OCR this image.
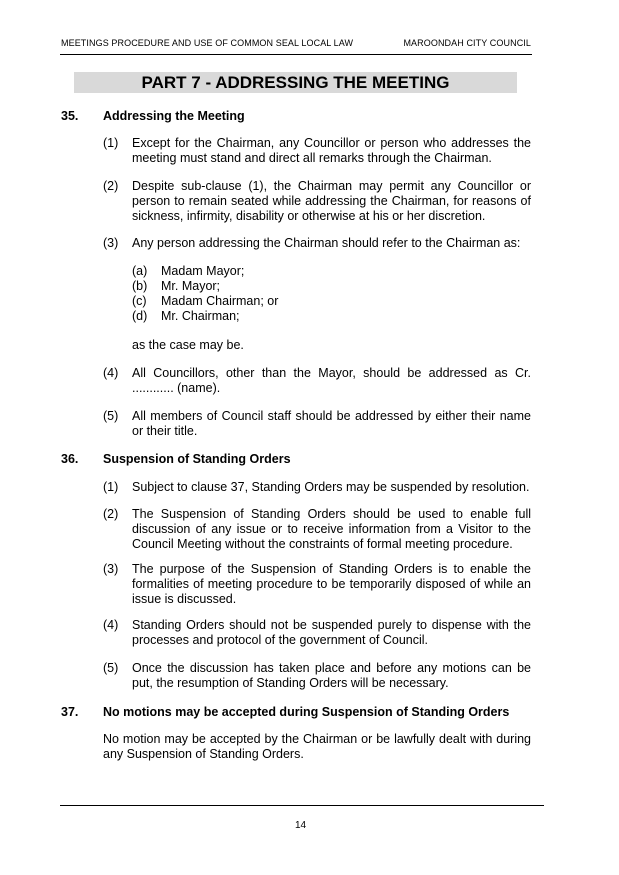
MEETINGS PROCEDURE AND USE OF COMMON SEAL LOCAL LAW	MAROONDAH CITY COUNCIL
PART 7 - ADDRESSING THE MEETING
35. Addressing the Meeting
(1) Except for the Chairman, any Councillor or person who addresses the meeting must stand and direct all remarks through the Chairman.
(2) Despite sub-clause (1), the Chairman may permit any Councillor or person to remain seated while addressing the Chairman, for reasons of sickness, infirmity, disability or otherwise at his or her discretion.
(3) Any person addressing the Chairman should refer to the Chairman as:
(a) Madam Mayor;
(b) Mr. Mayor;
(c) Madam Chairman; or
(d) Mr. Chairman;
as the case may be.
(4) All Councillors, other than the Mayor, should be addressed as Cr. ............ (name).
(5) All members of Council staff should be addressed by either their name or their title.
36. Suspension of Standing Orders
(1) Subject to clause 37, Standing Orders may be suspended by resolution.
(2) The Suspension of Standing Orders should be used to enable full discussion of any issue or to receive information from a Visitor to the Council Meeting without the constraints of formal meeting procedure.
(3) The purpose of the Suspension of Standing Orders is to enable the formalities of meeting procedure to be temporarily disposed of while an issue is discussed.
(4) Standing Orders should not be suspended purely to dispense with the processes and protocol of the government of Council.
(5) Once the discussion has taken place and before any motions can be put, the resumption of Standing Orders will be necessary.
37. No motions may be accepted during Suspension of Standing Orders
No motion may be accepted by the Chairman or be lawfully dealt with during any Suspension of Standing Orders.
14
